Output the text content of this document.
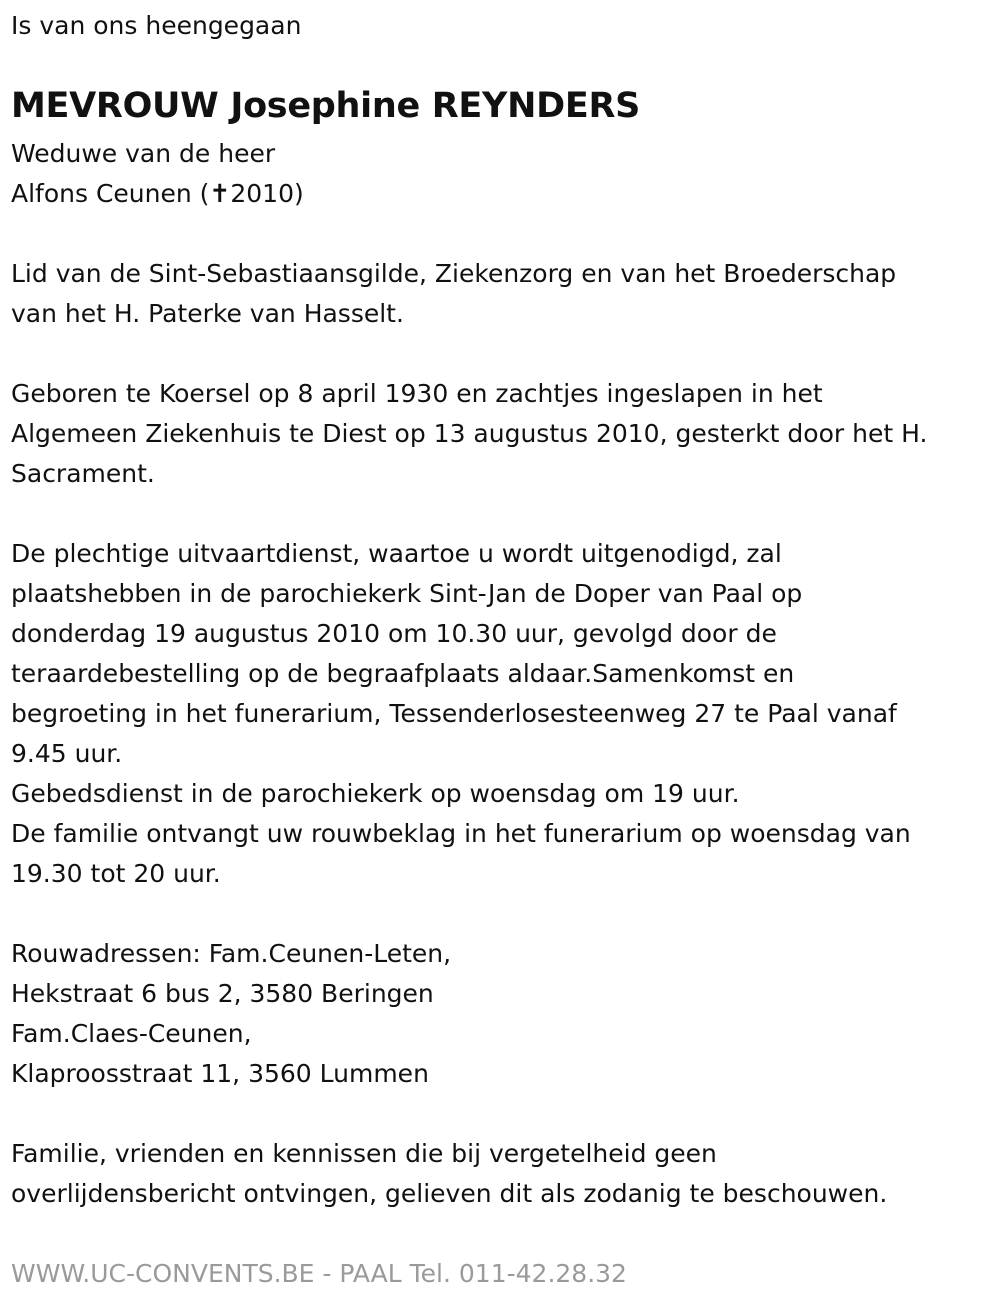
Is van ons heengegaan
MEVROUW Josephine REYNDERS
Weduwe van de heer
Alfons Ceunen (✝2010)
Lid van de Sint-Sebastiaansgilde, Ziekenzorg en van het Broederschap
van het H. Paterke van Hasselt.
Geboren te Koersel op 8 april 1930 en zachtjes ingeslapen in het
Algemeen Ziekenhuis te Diest op 13 augustus 2010, gesterkt door het H.
Sacrament.
De plechtige uitvaartdienst, waartoe u wordt uitgenodigd, zal
plaatshebben in de parochiekerk Sint-Jan de Doper van Paal op
donderdag 19 augustus 2010 om 10.30 uur, gevolgd door de
teraardebestelling op de begraafplaats aldaar.Samenkomst en
begroeting in het funerarium, Tessenderlosesteenweg 27 te Paal vanaf
9.45 uur.
Gebedsdienst in de parochiekerk op woensdag om 19 uur.
De familie ontvangt uw rouwbeklag in het funerarium op woensdag van
19.30 tot 20 uur.
Rouwadressen: Fam.Ceunen-Leten,
Hekstraat 6 bus 2, 3580 Beringen
Fam.Claes-Ceunen,
Klaproosstraat 11, 3560 Lummen
Familie, vrienden en kennissen die bij vergetelheid geen
overlijdensbericht ontvingen, gelieven dit als zodanig te beschouwen.
WWW.UC-CONVENTS.BE - PAAL Tel. 011-42.28.32
